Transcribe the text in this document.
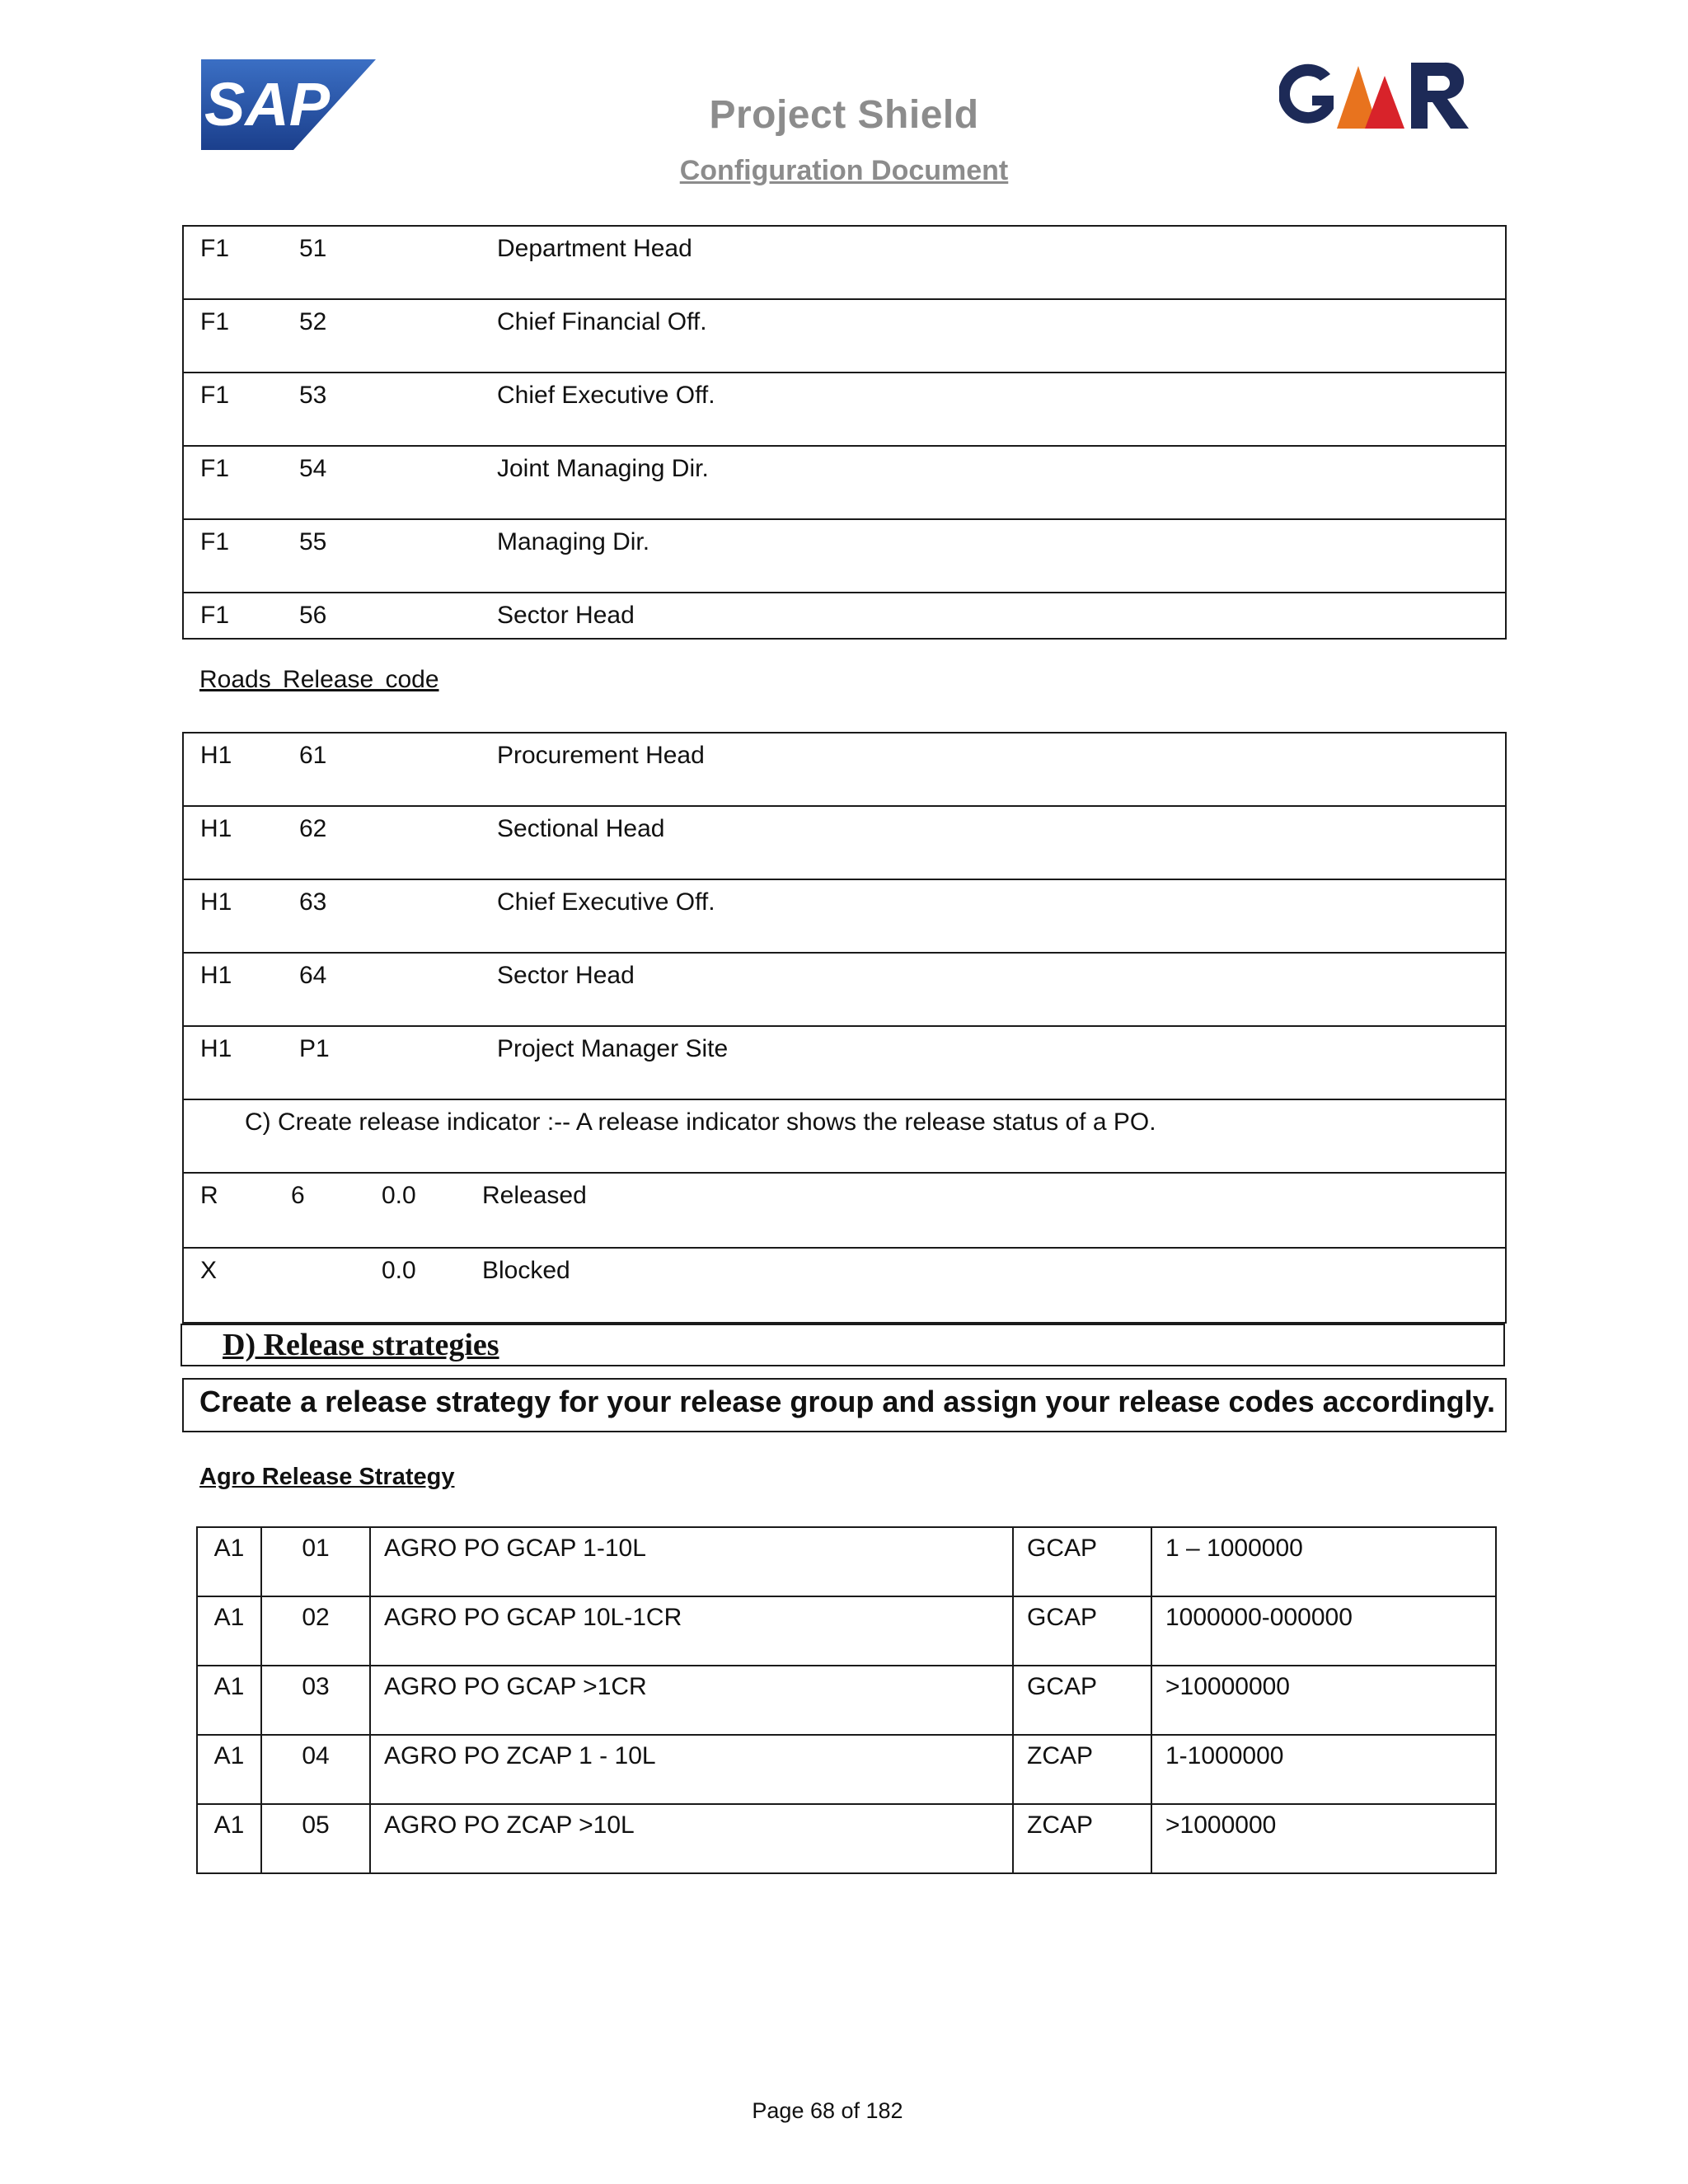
SAP	Project Shield
Configuration Document
GMR
F1	51	Department Head
F1	52	Chief Financial Off.
F1	53	Chief Executive Off.
F1	54	Joint Managing Dir.
F1	55	Managing Dir.
F1	56	Sector Head
Roads Release code
H1	61	Procurement Head
H1	62	Sectional Head
H1	63	Chief Executive Off.
H1	64	Sector Head
H1	P1	Project Manager Site
C) Create release indicator :-- A release indicator shows the release status of a PO.

R	6	0.0	Released

X		0.0	Blocked
D) Release strategies
Create a release strategy for your release group and assign your release codes accordingly.
Agro Release Strategy
A1	01	AGRO PO GCAP 1-10L	GCAP	1 – 1000000
A1	02	AGRO PO GCAP 10L-1CR	GCAP	1000000-000000
A1	03	AGRO PO GCAP >1CR	GCAP	>10000000
A1	04	AGRO PO ZCAP 1 - 10L	ZCAP	1-1000000
A1	05	AGRO PO ZCAP >10L	ZCAP	>1000000
Page 68 of 182
